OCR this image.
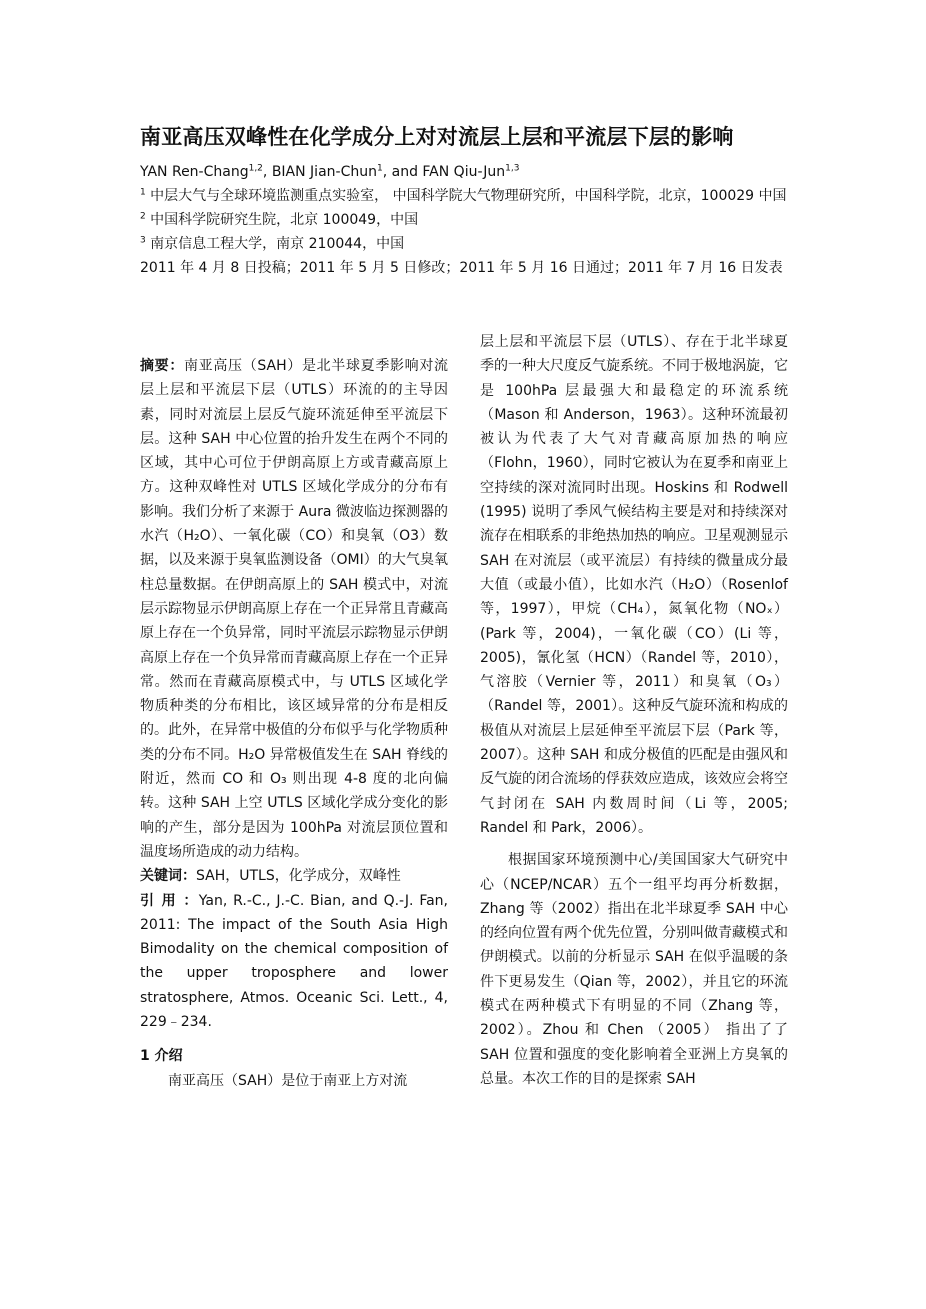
南亚高压双峰性在化学成分上对对流层上层和平流层下层的影响

YAN Ren-Chang$^{1,2}$, BIAN Jian-Chun$^1$, and FAN Qiu-Jun$^{1,3}$

$^1$ 中层大气与全球环境监测重点实验室， 中国科学院大气物理研究所，中国科学院，北京，100029 中国

$^2$ 中国科学院研究生院，北京 100049，中国

$^3$ 南京信息工程大学，南京 210044，中国

2011 年 4 月 8 日投稿；2011 年 5 月 5 日修改；2011 年 5 月 16 日通过；2011 年 7 月 16 日发表

摘要：南亚高压（SAH）是北半球夏季影响对流层上层和平流层下层（UTLS）环流的的主导因素，同时对流层上层反气旋环流延伸至平流层下层。这种 SAH 中心位置的抬升发生在两个不同的区域，其中心可位于伊朗高原上方或青藏高原上方。这种双峰性对 UTLS 区域化学成分的分布有影响。我们分析了来源于 Aura 微波临边探测器的水汽（H₂O）、一氧化碳（CO）和臭氧（O3）数据，以及来源于臭氧监测设备（OMI）的大气臭氧柱总量数据。在伊朗高原上的 SAH 模式中，对流层示踪物显示伊朗高原上存在一个正异常且青藏高原上存在一个负异常，同时平流层示踪物显示伊朗高原上存在一个负异常而青藏高原上存在一个正异常。然而在青藏高原模式中，与 UTLS 区域化学物质种类的分布相比，该区域异常的分布是相反的。此外，在异常中极值的分布似乎与化学物质种类的分布不同。H₂O 异常极值发生在 SAH 脊线的附近，然而 CO 和 O₃ 则出现 4-8 度的北向偏转。这种 SAH 上空 UTLS 区域化学成分变化的影响的产生，部分是因为 100hPa 对流层顶位置和温度场所造成的动力结构。

关键词：SAH，UTLS，化学成分，双峰性

引 用 ：Yan, R.-C., J.-C. Bian, and Q.-J. Fan, 2011: The impact of the South Asia High Bimodality on the chemical composition of the upper troposphere and lower stratosphere, Atmos. Oceanic Sci. Lett., 4, 229﹣234.

1 介绍

南亚高压（SAH）是位于南亚上方对流

层上层和平流层下层（UTLS）、存在于北半球夏季的一种大尺度反气旋系统。不同于极地涡旋，它是 100hPa 层最强大和最稳定的环流系统（Mason 和 Anderson，1963）。这种环流最初被认为代表了大气对青藏高原加热的响应（Flohn，1960），同时它被认为在夏季和南亚上空持续的深对流同时出现。Hoskins 和 Rodwell (1995) 说明了季风气候结构主要是对和持续深对流存在相联系的非绝热加热的响应。卫星观测显示 SAH 在对流层（或平流层）有持续的微量成分最大值（或最小值），比如水汽（H₂O）（Rosenlof 等，1997），甲烷（CH₄），氮氧化物（NOₓ）(Park 等，2004)，一氧化碳（CO）(Li 等，2005)，氰化氢（HCN）（Randel 等，2010），气溶胶（Vernier 等，2011）和臭氧（O₃）（Randel 等，2001）。这种反气旋环流和构成的极值从对流层上层延伸至平流层下层（Park 等，2007）。这种 SAH 和成分极值的匹配是由强风和反气旋的闭合流场的俘获效应造成，该效应会将空气封闭在 SAH 内数周时间（Li 等，2005; Randel 和 Park，2006）。

根据国家环境预测中心/美国国家大气研究中心（NCEP/NCAR）五个一组平均再分析数据，Zhang 等（2002）指出在北半球夏季 SAH 中心的经向位置有两个优先位置，分别叫做青藏模式和伊朗模式。以前的分析显示 SAH 在似乎温暖的条件下更易发生（Qian 等，2002），并且它的环流模式在两种模式下有明显的不同（Zhang 等，2002）。Zhou 和 Chen （2005） 指出了了 SAH 位置和强度的变化影响着全亚洲上方臭氧的总量。本次工作的目的是探索 SAH
